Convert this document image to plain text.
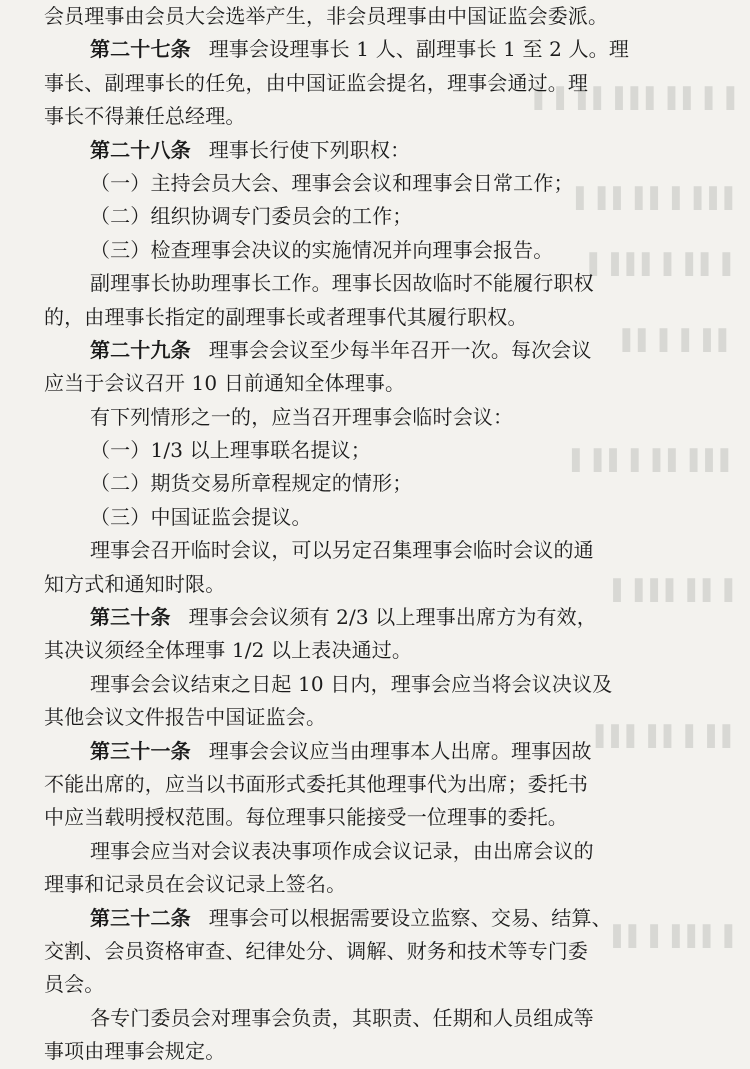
▌ ▌ ▌▌ ▌▌▌ ▌▌ ▌ ▌
▌▌▌ ▌ ▌▌ ▌▌ ▌
▌ ▌▌ ▌ ▌▌▌ ▌
▌▌ ▌ ▌ ▌▌
▌▌▌ ▌▌ ▌ ▌▌ ▌
▌ ▌▌ ▌▌▌ ▌
▌▌ ▌ ▌▌ ▌▌▌
▌ ▌▌▌ ▌ ▌▌
会员理事由会员大会选举产生，非会员理事由中国证监会委派。
第二十七条 理事会设理事长 1 人、副理事长 1 至 2 人。理
事长、副理事长的任免，由中国证监会提名，理事会通过。理
事长不得兼任总经理。
第二十八条 理事长行使下列职权：
（一）主持会员大会、理事会会议和理事会日常工作；
（二）组织协调专门委员会的工作；
（三）检查理事会决议的实施情况并向理事会报告。
副理事长协助理事长工作。理事长因故临时不能履行职权
的，由理事长指定的副理事长或者理事代其履行职权。
第二十九条 理事会会议至少每半年召开一次。每次会议
应当于会议召开 10 日前通知全体理事。
有下列情形之一的，应当召开理事会临时会议：
（一）1/3 以上理事联名提议；
（二）期货交易所章程规定的情形；
（三）中国证监会提议。
理事会召开临时会议，可以另定召集理事会临时会议的通
知方式和通知时限。
第三十条 理事会会议须有 2/3 以上理事出席方为有效，
其决议须经全体理事 1/2 以上表决通过。
理事会会议结束之日起 10 日内，理事会应当将会议决议及
其他会议文件报告中国证监会。
第三十一条 理事会会议应当由理事本人出席。理事因故
不能出席的，应当以书面形式委托其他理事代为出席；委托书
中应当载明授权范围。每位理事只能接受一位理事的委托。
理事会应当对会议表决事项作成会议记录，由出席会议的
理事和记录员在会议记录上签名。
第三十二条 理事会可以根据需要设立监察、交易、结算、
交割、会员资格审查、纪律处分、调解、财务和技术等专门委
员会。
各专门委员会对理事会负责，其职责、任期和人员组成等
事项由理事会规定。
